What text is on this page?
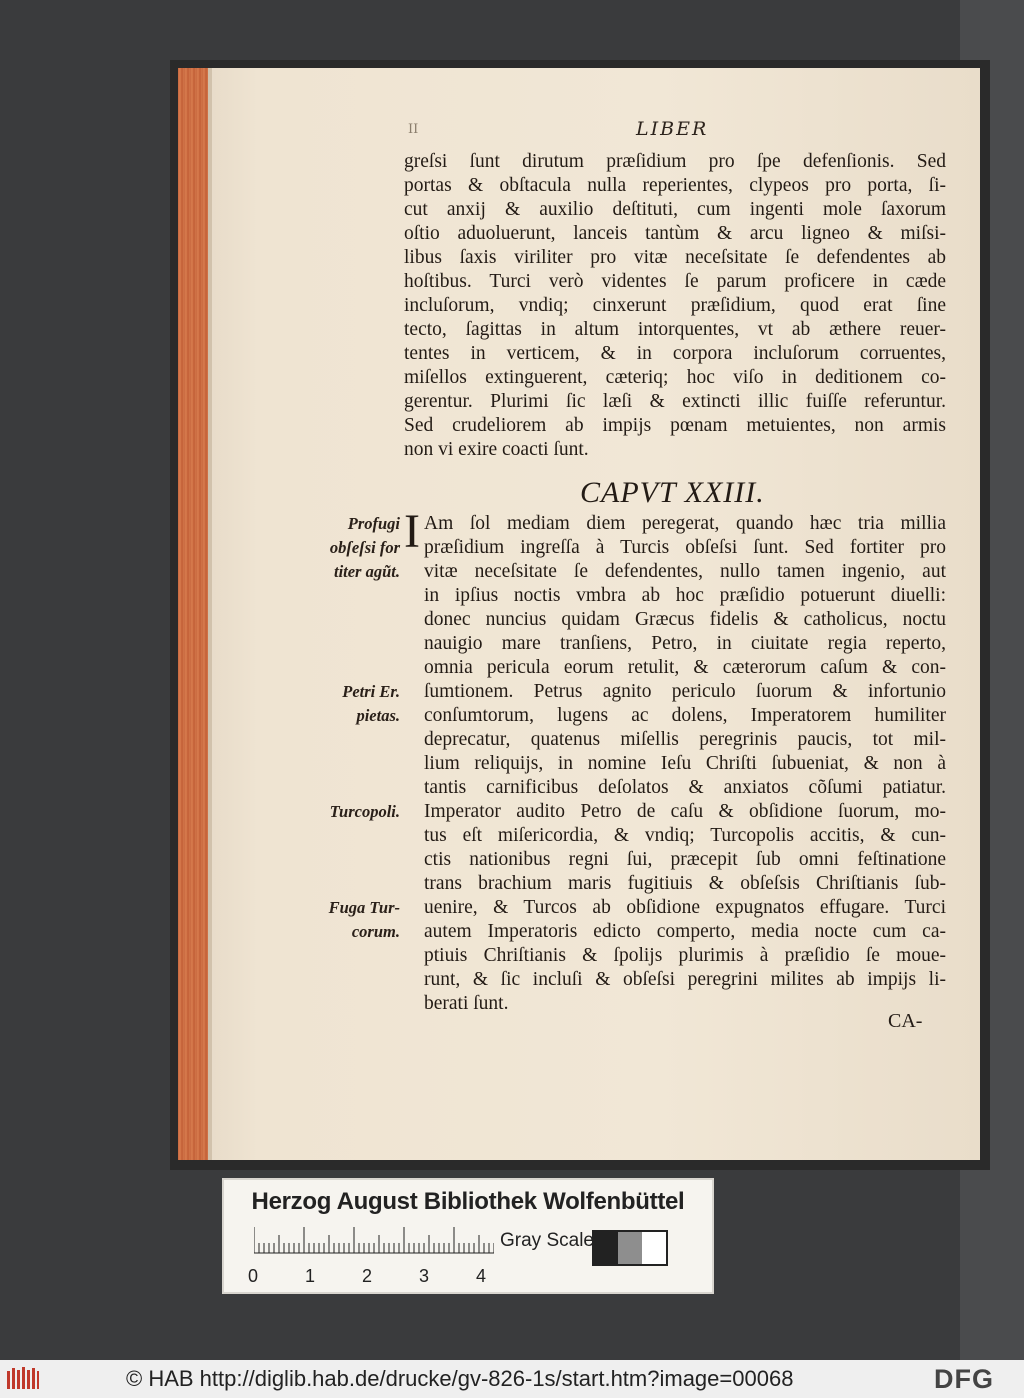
II	LIBER
greſsi ſunt dirutum præſidium pro ſpe defenſionis. Sed
portas & obſtacula nulla reperientes, clypeos pro porta, ſi-
cut anxij & auxilio deſtituti, cum ingenti mole ſaxorum
oſtio aduoluerunt, lanceis tantùm & arcu ligneo & miſsi-
libus ſaxis viriliter pro vitæ neceſsitate ſe defendentes ab
hoſtibus. Turci verò videntes ſe parum proficere in cæde
incluſorum, vndiq; cinxerunt præſidium, quod erat ſine
tecto, ſagittas in altum intorquentes, vt ab æthere reuer-
tentes in verticem, & in corpora incluſorum corruentes,
miſellos extinguerent, cæteriq; hoc viſo in deditionem co-
gerentur. Plurimi ſic læſi & extincti illic fuiſſe referuntur.
Sed crudeliorem ab impijs pœnam metuientes, non armis
non vi exire coacti ſunt.
CAPVT XXIII.
I Am ſol mediam diem peregerat, quando hæc tria millia
præſidium ingreſſa à Turcis obſeſsi ſunt. Sed fortiter pro
vitæ neceſsitate ſe defendentes, nullo tamen ingenio, aut
in ipſius noctis vmbra ab hoc præſidio potuerunt diuelli:
donec nuncius quidam Græcus fidelis & catholicus, noctu
nauigio mare tranſiens, Petro, in ciuitate regia reperto,
omnia pericula eorum retulit, & cæterorum caſum & con-
ſumtionem. Petrus agnito periculo ſuorum & infortunio
conſumtorum, lugens ac dolens, Imperatorem humiliter
deprecatur, quatenus miſellis peregrinis paucis, tot mil-
lium reliquijs, in nomine Ieſu Chriſti ſubueniat, & non à
tantis carnificibus deſolatos & anxiatos cõſumi patiatur.
Imperator audito Petro de caſu & obſidione ſuorum, mo-
tus eſt miſericordia, & vndiq; Turcopolis accitis, & cun-
ctis nationibus regni ſui, præcepit ſub omni feſtinatione
trans brachium maris fugitiuis & obſeſsis Chriſtianis ſub-
uenire, & Turcos ab obſidione expugnatos effugare. Turci
autem Imperatoris edicto comperto, media nocte cum ca-
ptiuis Chriſtianis & ſpolijs plurimis à præſidio ſe moue-
runt, & ſic incluſi & obſeſsi peregrini milites ab impijs li-
berati ſunt.
Profugi
obſeſsi for
titer agũt.
Petri Er.
pietas.
Turcopoli.
Fuga Tur-
corum.
CA-
Herzog August Bibliothek Wolfenbüttel
0	1	2	3	4
Gray Scale
© HAB http://diglib.hab.de/drucke/gv-826-1s/start.htm?image=00068	DFG
